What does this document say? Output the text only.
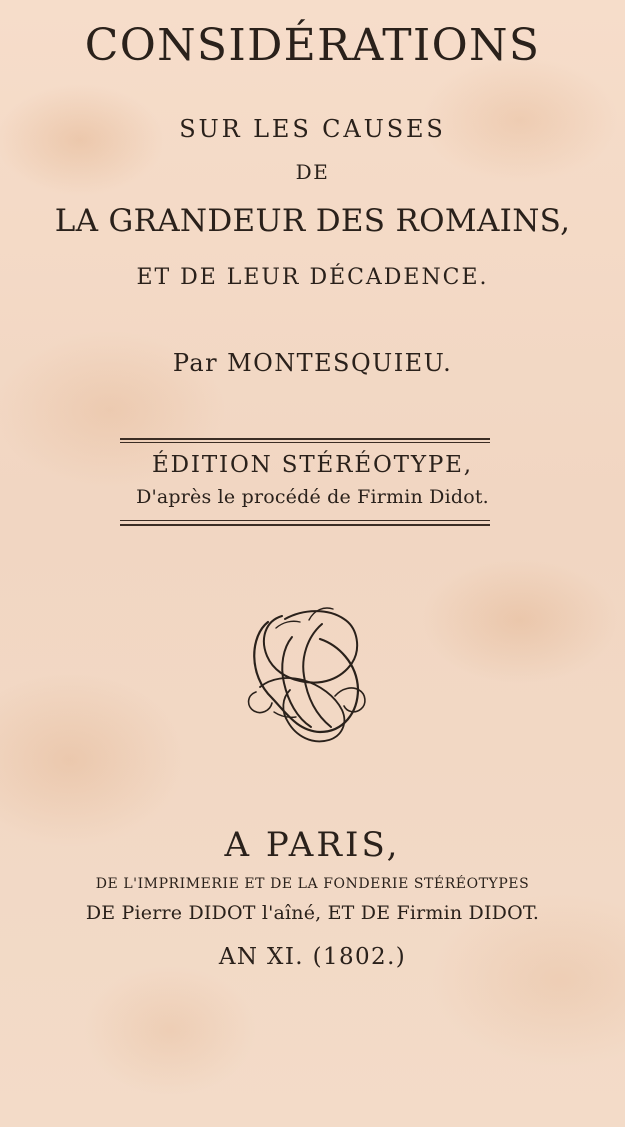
CONSIDÉRATIONS
SUR LES CAUSES
DE
LA GRANDEUR DES ROMAINS,
ET DE LEUR DÉCADENCE.
Par MONTESQUIEU.
ÉDITION STÉRÉOTYPE,
D'après le procédé de Firmin Didot.
A PARIS,
DE L'IMPRIMERIE ET DE LA FONDERIE STÉRÉOTYPES
DE Pierre DIDOT l'aîné, ET DE Firmin DIDOT.
AN XI. (1802.)
